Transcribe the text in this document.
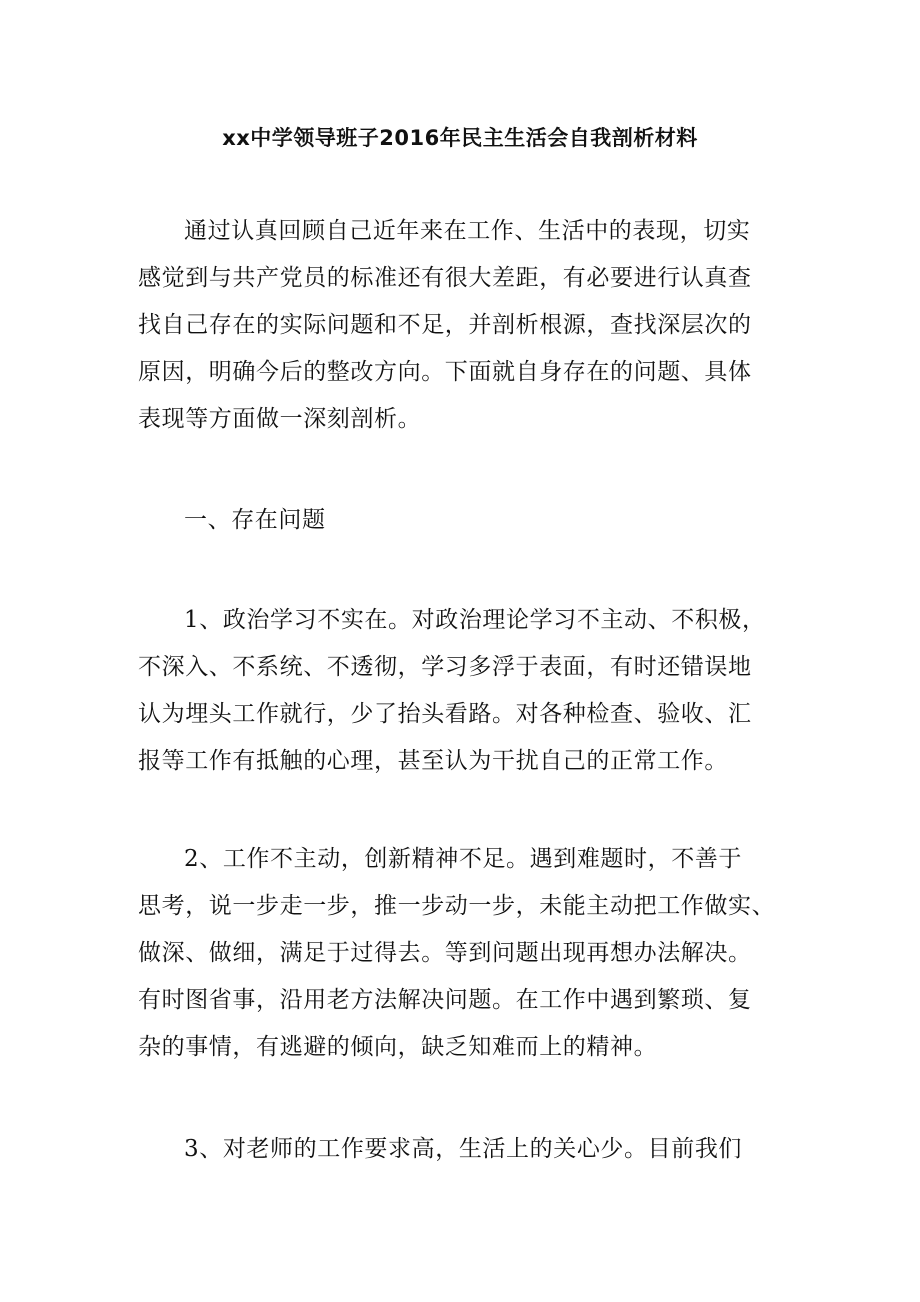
xx中学领导班子2016年民主生活会自我剖析材料
通过认真回顾自己近年来在工作、生活中的表现，切实
感觉到与共产党员的标准还有很大差距，有必要进行认真查
找自己存在的实际问题和不足，并剖析根源，查找深层次的
原因，明确今后的整改方向。下面就自身存在的问题、具体
表现等方面做一深刻剖析。
一、存在问题
1、政治学习不实在。对政治理论学习不主动、不积极，
不深入、不系统、不透彻，学习多浮于表面，有时还错误地
认为埋头工作就行，少了抬头看路。对各种检查、验收、汇
报等工作有抵触的心理，甚至认为干扰自己的正常工作。
2、工作不主动，创新精神不足。遇到难题时，不善于
思考，说一步走一步，推一步动一步，未能主动把工作做实、
做深、做细，满足于过得去。等到问题出现再想办法解决。
有时图省事，沿用老方法解决问题。在工作中遇到繁琐、复
杂的事情，有逃避的倾向，缺乏知难而上的精神。
3、对老师的工作要求高，生活上的关心少。目前我们
